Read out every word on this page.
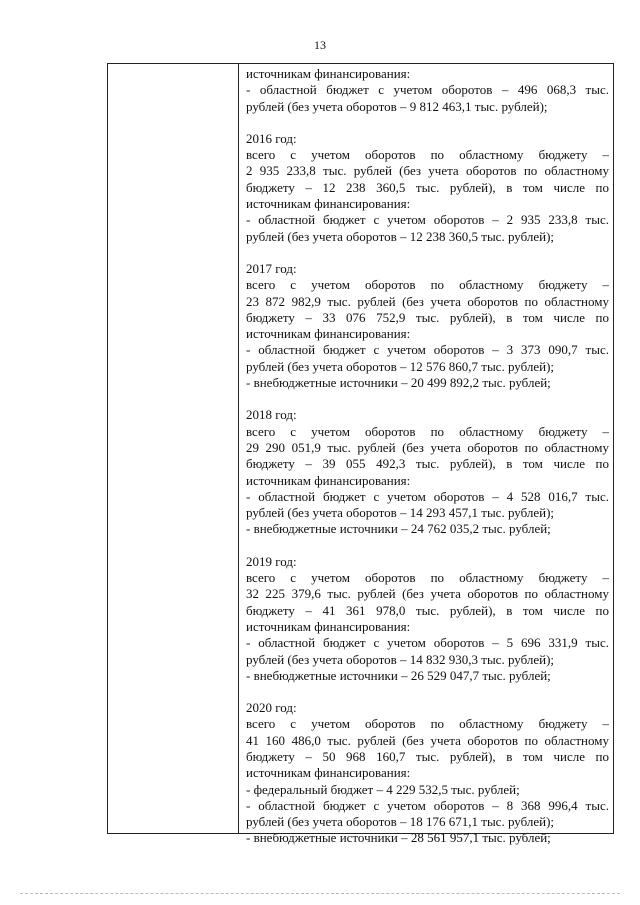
13
источникам финансирования:
- областной бюджет с учетом оборотов – 496 068,3 тыс.
рублей (без учета оборотов – 9 812 463,1 тыс. рублей);
2016 год:
всего с учетом оборотов по областному бюджету –
2 935 233,8 тыс. рублей (без учета оборотов по областному
бюджету – 12 238 360,5 тыс. рублей), в том числе по
источникам финансирования:
- областной бюджет с учетом оборотов – 2 935 233,8 тыс.
рублей (без учета оборотов – 12 238 360,5 тыс. рублей);
2017 год:
всего с учетом оборотов по областному бюджету –
23 872 982,9 тыс. рублей (без учета оборотов по областному
бюджету – 33 076 752,9 тыс. рублей), в том числе по
источникам финансирования:
- областной бюджет с учетом оборотов – 3 373 090,7 тыс.
рублей (без учета оборотов – 12 576 860,7 тыс. рублей);
- внебюджетные источники – 20 499 892,2 тыс. рублей;
2018 год:
всего с учетом оборотов по областному бюджету –
29 290 051,9 тыс. рублей (без учета оборотов по областному
бюджету – 39 055 492,3 тыс. рублей), в том числе по
источникам финансирования:
- областной бюджет с учетом оборотов – 4 528 016,7 тыс.
рублей (без учета оборотов – 14 293 457,1 тыс. рублей);
- внебюджетные источники – 24 762 035,2 тыс. рублей;
2019 год:
всего с учетом оборотов по областному бюджету –
32 225 379,6 тыс. рублей (без учета оборотов по областному
бюджету – 41 361 978,0 тыс. рублей), в том числе по
источникам финансирования:
- областной бюджет с учетом оборотов – 5 696 331,9 тыс.
рублей (без учета оборотов – 14 832 930,3 тыс. рублей);
- внебюджетные источники – 26 529 047,7 тыс. рублей;
2020 год:
всего с учетом оборотов по областному бюджету –
41 160 486,0 тыс. рублей (без учета оборотов по областному
бюджету – 50 968 160,7 тыс. рублей), в том числе по
источникам финансирования:
- федеральный бюджет – 4 229 532,5 тыс. рублей;
- областной бюджет с учетом оборотов – 8 368 996,4 тыс.
рублей (без учета оборотов – 18 176 671,1 тыс. рублей);
- внебюджетные источники – 28 561 957,1 тыс. рублей;
